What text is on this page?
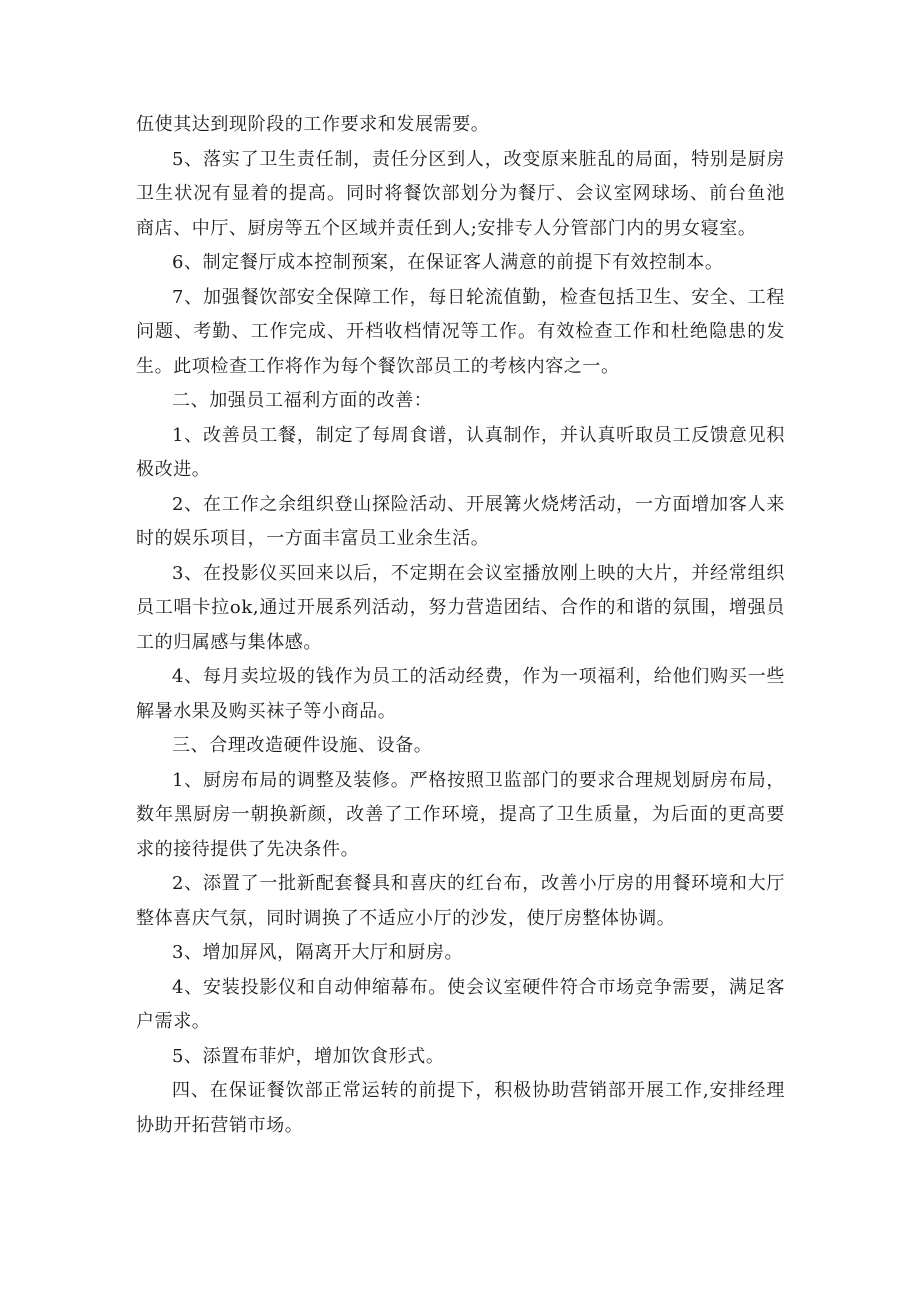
伍使其达到现阶段的工作要求和发展需要。

5、落实了卫生责任制，责任分区到人，改变原来脏乱的局面，特别是厨房卫生状况有显着的提高。同时将餐饮部划分为餐厅、会议室网球场、前台鱼池商店、中厅、厨房等五个区域并责任到人;安排专人分管部门内的男女寝室。

6、制定餐厅成本控制预案，在保证客人满意的前提下有效控制本。

7、加强餐饮部安全保障工作，每日轮流值勤，检查包括卫生、安全、工程问题、考勤、工作完成、开档收档情况等工作。有效检查工作和杜绝隐患的发生。此项检查工作将作为每个餐饮部员工的考核内容之一。

二、加强员工福利方面的改善：

1、改善员工餐，制定了每周食谱，认真制作，并认真听取员工反馈意见积极改进。

2、在工作之余组织登山探险活动、开展篝火烧烤活动，一方面增加客人来时的娱乐项目，一方面丰富员工业余生活。

3、在投影仪买回来以后，不定期在会议室播放刚上映的大片，并经常组织员工唱卡拉ok,通过开展系列活动，努力营造团结、合作的和谐的氛围，增强员工的归属感与集体感。

4、每月卖垃圾的钱作为员工的活动经费，作为一项福利，给他们购买一些解暑水果及购买袜子等小商品。

三、合理改造硬件设施、设备。

1、厨房布局的调整及装修。严格按照卫监部门的要求合理规划厨房布局，数年黑厨房一朝换新颜，改善了工作环境，提高了卫生质量，为后面的更高要求的接待提供了先决条件。

2、添置了一批新配套餐具和喜庆的红台布，改善小厅房的用餐环境和大厅整体喜庆气氛，同时调换了不适应小厅的沙发，使厅房整体协调。

3、增加屏风，隔离开大厅和厨房。

4、安装投影仪和自动伸缩幕布。使会议室硬件符合市场竞争需要，满足客户需求。

5、添置布菲炉，增加饮食形式。

四、在保证餐饮部正常运转的前提下，积极协助营销部开展工作,安排经理协助开拓营销市场。
